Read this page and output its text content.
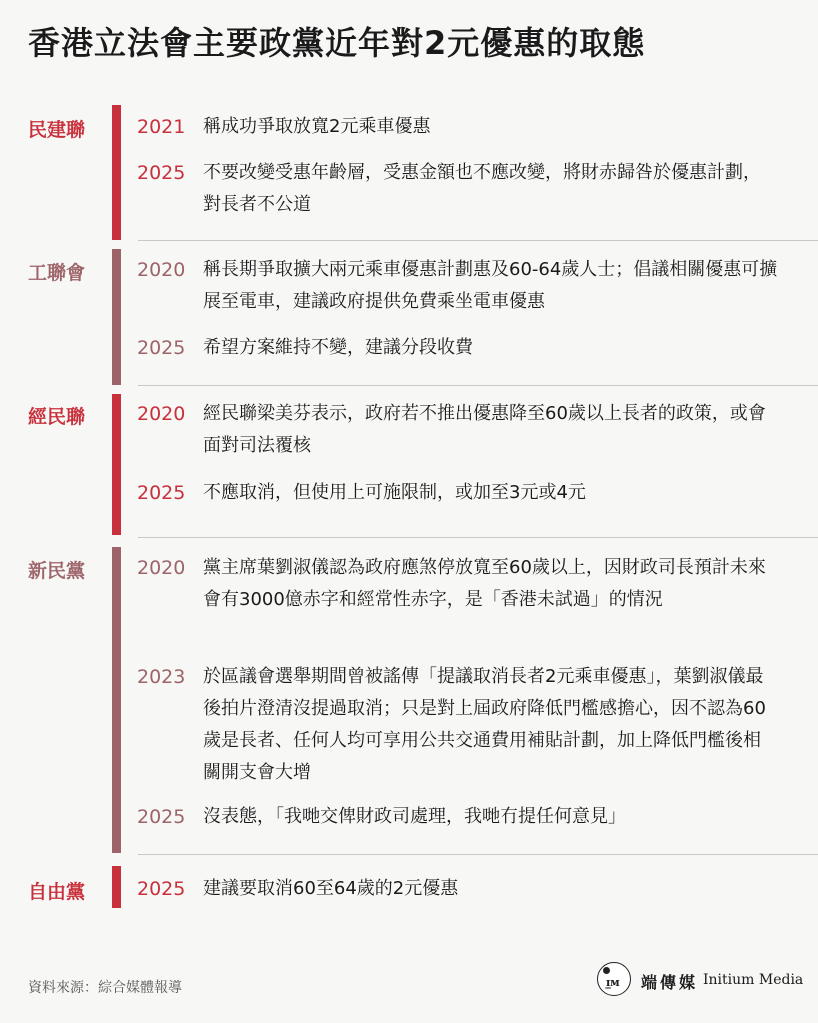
香港立法會主要政黨近年對2元優惠的取態
民建聯	2021 稱成功爭取放寬2元乘車優惠
2025 不要改變受惠年齡層，受惠金額也不應改變，將財赤歸咎於優惠計劃，對長者不公道
工聯會	2020 稱長期爭取擴大兩元乘車優惠計劃惠及60-64歲人士；倡議相關優惠可擴展至電車，建議政府提供免費乘坐電車優惠
2025 希望方案維持不變，建議分段收費
經民聯	2020 經民聯梁美芬表示，政府若不推出優惠降至60歲以上長者的政策，或會面對司法覆核
2025 不應取消，但使用上可施限制，或加至3元或4元
新民黨	2020 黨主席葉劉淑儀認為政府應煞停放寬至60歲以上，因財政司長預計未來會有3000億赤字和經常性赤字，是「香港未試過」的情況
2023 於區議會選舉期間曾被謠傳「提議取消長者2元乘車優惠」，葉劉淑儀最後拍片澄清沒提過取消；只是對上屆政府降低門檻感擔心，因不認為60歲是長者、任何人均可享用公共交通費用補貼計劃，加上降低門檻後相關開支會大增
2025 沒表態，「我哋交俾財政司處理，我哋冇提任何意見」
自由黨	2025 建議要取消60至64歲的2元優惠
資料來源：綜合媒體報導	ɪ̲ᴍ 端傳媒 Initium Media
